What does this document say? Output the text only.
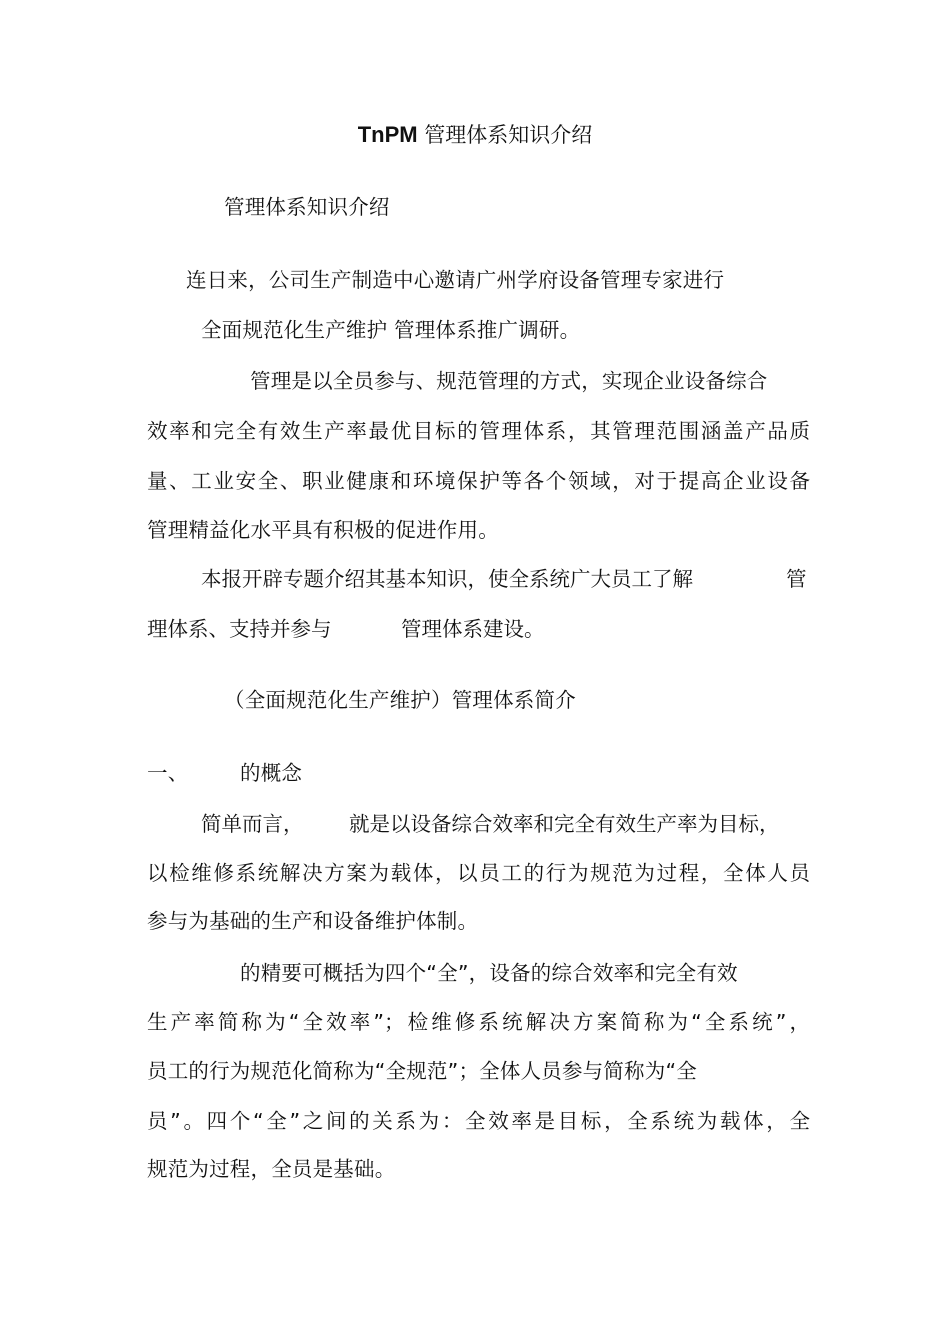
TnPM 管理体系知识介绍
管理体系知识介绍
连日来，公司生产制造中心邀请广州学府设备管理专家进行
全面规范化生产维护 管理体系推广调研。
管理是以全员参与、规范管理的方式，实现企业设备综合
效率和完全有效生产率最优目标的管理体系，其管理范围涵盖产品质
量、工业安全、职业健康和环境保护等各个领域，对于提高企业设备
管理精益化水平具有积极的促进作用。
本报开辟专题介绍其基本知识，使全系统广大员工了解	管
理体系、支持并参与	管理体系建设。
（全面规范化生产维护）管理体系简介
一、	的概念
简单而言， 就是以设备综合效率和完全有效生产率为目标，
以检维修系统解决方案为载体，以员工的行为规范为过程，全体人员
参与为基础的生产和设备维护体制。
的精要可概括为四个“全”，设备的综合效率和完全有效
生产率简称为“全效率”；检维修系统解决方案简称为“全系统”，
员工的行为规范化简称为“全规范”；全体人员参与简称为“全
员”。四个“全”之间的关系为：全效率是目标，全系统为载体，全
规范为过程，全员是基础。
